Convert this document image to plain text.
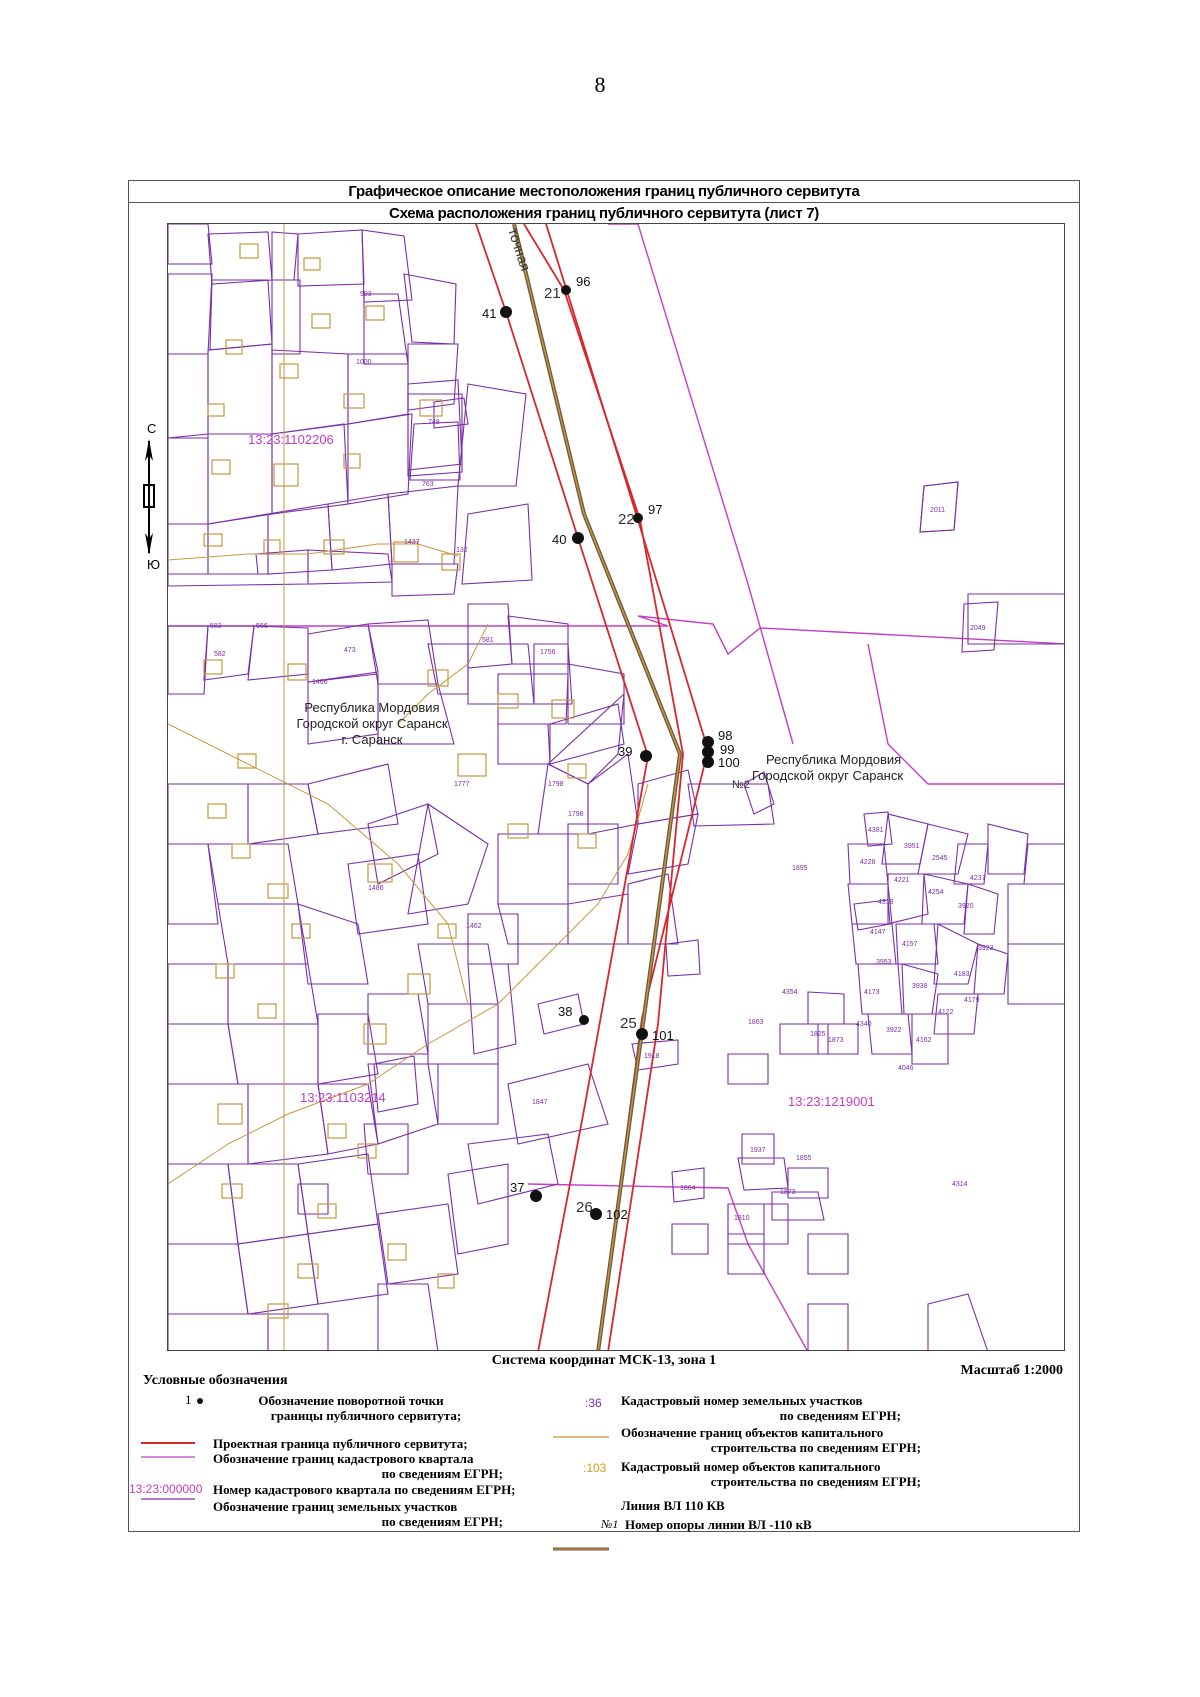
8
Графическое описание местоположения границ публичного сервитута
Схема расположения границ публичного сервитута (лист 7)
С
Ю
96
41
97
40
98
99
100
39
38
101
37
102
21
22
25
26
№2
точная
Республика Мордовия
Городской округ Саранск
г. Саранск
Республика Мордовия
Городской округ Саранск
13:23:1102206
13:23:1103214	13:23:1219001
2011
2049
4381
3951
2545
4228
4221
4254
4237
4318
3920
4147
4157
3953
4173
3938
4183
3923
4354
4340
3922
4162
4122
4179
4046
1895
1863
1825
1873
1918
1847
1937
1855
1864
1810
4314
1873
763
748
132
1437
1756
1798
1777
1486
1462
581
473
583
582
566
1466
1798
993
1000
Система координат МСК-13, зона 1
Масштаб 1:2000
Условные обозначения
1	Обозначение поворотной точки
границы публичного сервитута;
Проектная граница публичного сервитута;
Обозначение границ кадастрового квартала
по сведениям ЕГРН;
13:23:000000 Номер кадастрового квартала по сведениям ЕГРН;
Обозначение границ земельных участков
по сведениям ЕГРН;
:36 Кадастровый номер земельных участков
по сведениям ЕГРН;
Обозначение границ объектов капитального
строительства по сведениям ЕГРН;
:103 Кадастровый номер объектов капитального
строительства по сведениям ЕГРН;
Линия ВЛ 110 КВ
№1 Номер опоры линии ВЛ -110 кВ
